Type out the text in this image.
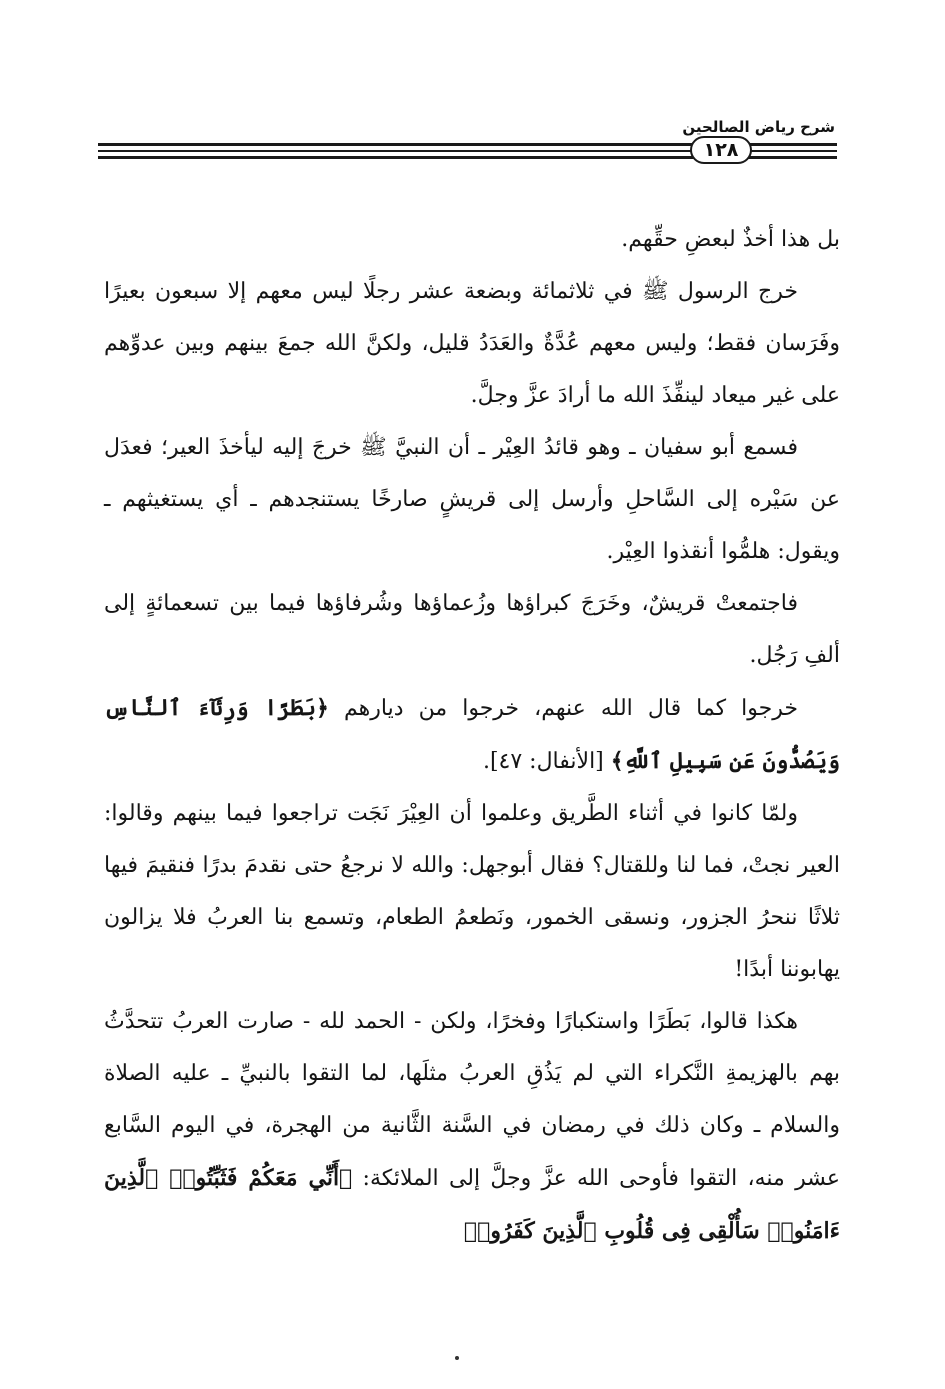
شرح رياض الصالحين
١٢٨

بل هذا أخذٌ لبعضِ حقِّهم.

خرج الرسول ﷺ في ثلاثمائة وبضعة عشر رجلًا ليس معهم إلا سبعون بعيرًا وفَرَسان فقط؛ وليس معهم عُدَّةٌ والعَدَدُ قليل، ولكنَّ الله جمعَ بينهم وبين عدوِّهم على غير ميعاد لينفِّذَ الله ما أرادَ عزَّ وجلَّ.

فسمع أبو سفيان ـ وهو قائدُ العِيْر ـ أن النبيَّ ﷺ خرجَ إليه ليأخذَ العير؛ فعدَل عن سَيْره إلى السَّاحلِ وأرسل إلى قريشٍ صارخًا يستنجدهم ـ أي يستغيثهم ـ ويقول: هلمُّوا أنقذوا العِيْر.

فاجتمعتْ قريشٌ، وخَرَجَ كبراؤها وزُعماؤها وشُرفاؤها فيما بين تسعمائةٍ إلى ألفِ رَجُل.

خرجوا كما قال الله عنهم، خرجوا من ديارهم ﴿بَطَرًا وَرِئَآءَ ٱلنَّاسِ وَيَصُدُّونَ عَن سَبِيلِ ٱللَّهِ﴾ [الأنفال: ٤٧].

ولمّا كانوا في أثناء الطَّريق وعلموا أن العِيْرَ نَجَت تراجعوا فيما بينهم وقالوا: العير نجتْ، فما لنا وللقتال؟ فقال أبوجهل: والله لا نرجعُ حتى نقدمَ بدرًا فنقيمَ فيها ثلاثًا ننحرُ الجزور، ونسقى الخمور، ونَطعمُ الطعام، وتسمع بنا العربُ فلا يزالون يهابوننا أبدًا!

هكذا قالوا، بَطَرًا واستكبارًا وفخرًا، ولكن - الحمد لله - صارت العربُ تتحدَّثُ بهم بالهزيمةِ النَّكراء التي لم يَذُقِ العربُ مثلَها، لما التقوا بالنبيِّ ـ عليه الصلاة والسلام ـ وكان ذلك في رمضان في السَّنة الثَّانية من الهجرة، في اليوم السَّابع عشر منه، التقوا فأوحى الله عزَّ وجلَّ إلى الملائكة: ﴿أَنِّي مَعَكُمْ فَثَبِّتُوا۟ ٱلَّذِينَ ءَامَنُوا۟ سَأُلْقِى فِى قُلُوبِ ٱلَّذِينَ كَفَرُوا۟
